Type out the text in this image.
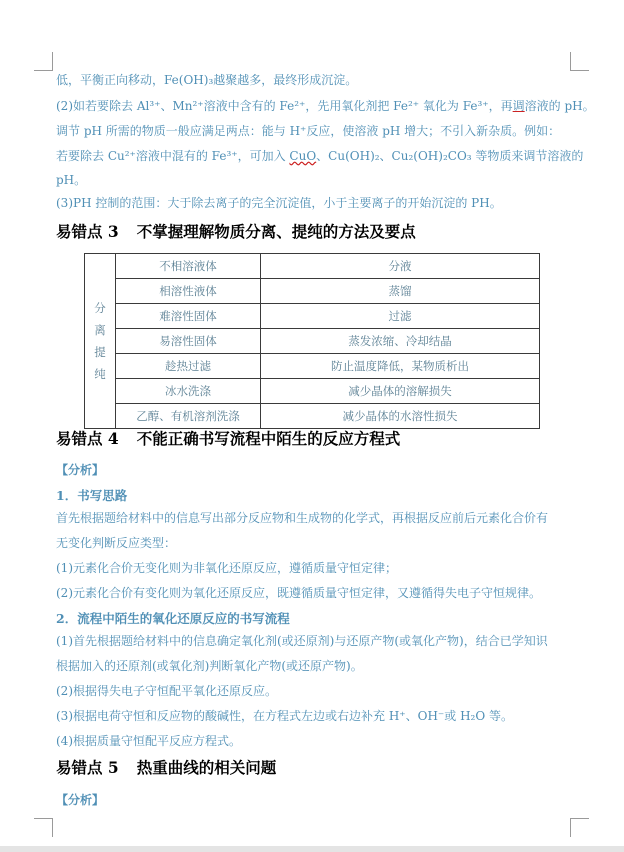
低，平衡正向移动，Fe(OH)₃越聚越多，最终形成沉淀。
(2)如若要除去 Al³⁺、Mn²⁺溶液中含有的 Fe²⁺，先用氧化剂把 Fe²⁺ 氧化为 Fe³⁺，再调溶液的 pH。
调节 pH 所需的物质一般应满足两点：能与 H⁺反应，使溶液 pH 增大；不引入新杂质。例如：
若要除去 Cu²⁺溶液中混有的 Fe³⁺，可加入 CuO、Cu(OH)₂、Cu₂(OH)₂CO₃ 等物质来调节溶液的
pH。
(3)PH 控制的范围：大于除去离子的完全沉淀值，小于主要离子的开始沉淀的 PH。
易错点 3 不掌握理解物质分离、提纯的方法及要点
分
离
提
纯	不相溶液体	分液
	相溶性液体	蒸馏
	难溶性固体	过滤
	易溶性固体	蒸发浓缩、冷却结晶
	趁热过滤	防止温度降低，某物质析出
	冰水洗涤	减少晶体的溶解损失
	乙醇、有机溶剂洗涤	减少晶体的水溶性损失
易错点 4 不能正确书写流程中陌生的反应方程式
【分析】
1．书写思路
首先根据题给材料中的信息写出部分反应物和生成物的化学式，再根据反应前后元素化合价有
无变化判断反应类型：
(1)元素化合价无变化则为非氧化还原反应，遵循质量守恒定律；
(2)元素化合价有变化则为氧化还原反应，既遵循质量守恒定律，又遵循得失电子守恒规律。
2．流程中陌生的氧化还原反应的书写流程
(1)首先根据题给材料中的信息确定氧化剂(或还原剂)与还原产物(或氧化产物)，结合已学知识
根据加入的还原剂(或氧化剂)判断氧化产物(或还原产物)。
(2)根据得失电子守恒配平氧化还原反应。
(3)根据电荷守恒和反应物的酸碱性，在方程式左边或右边补充 H⁺、OH⁻或 H₂O 等。
(4)根据质量守恒配平反应方程式。
易错点 5 热重曲线的相关问题
【分析】
